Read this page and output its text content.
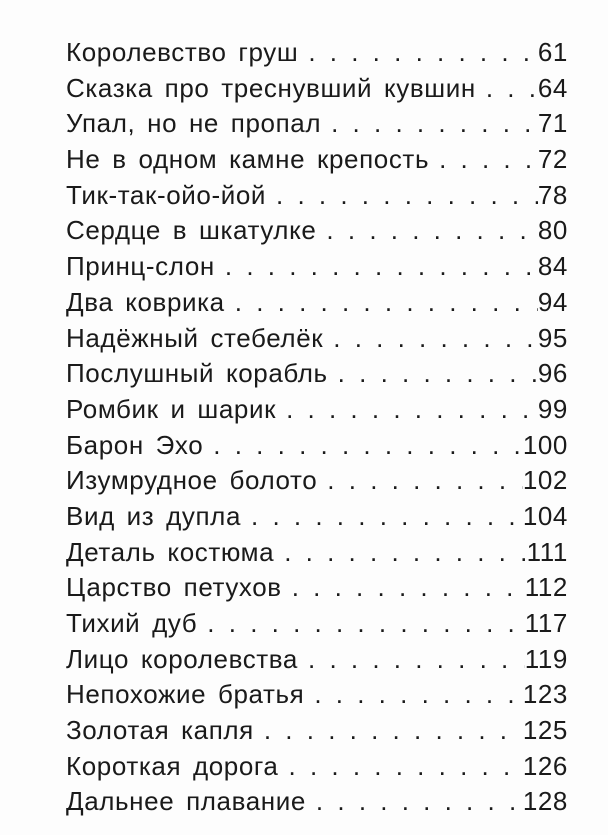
Королевство груш . . .	61
Сказка про треснувший кувшин . . . 64
Упал, но не пропал . . .	71
Не в одном камне крепость . . .	72
Тик-так-ойо-йой . . .	78
Сердце в шкатулке . . .	80
Принц-слон . . .	84
Два коврика . . .	94
Надёжный стебелёк . . .	95
Послушный корабль . . .	96
Ромбик и шарик . . .	99
Барон Эхо . . .	100
Изумрудное болото . . .	102
Вид из дупла . . .	104
Деталь костюма . . .	111
Царство петухов . . .	112
Тихий дуб . . .	117
Лицо королевства . . .	119
Непохожие братья . . .	123
Золотая капля . . .	125
Короткая дорога . . .	126
Дальнее плавание . . .	128
